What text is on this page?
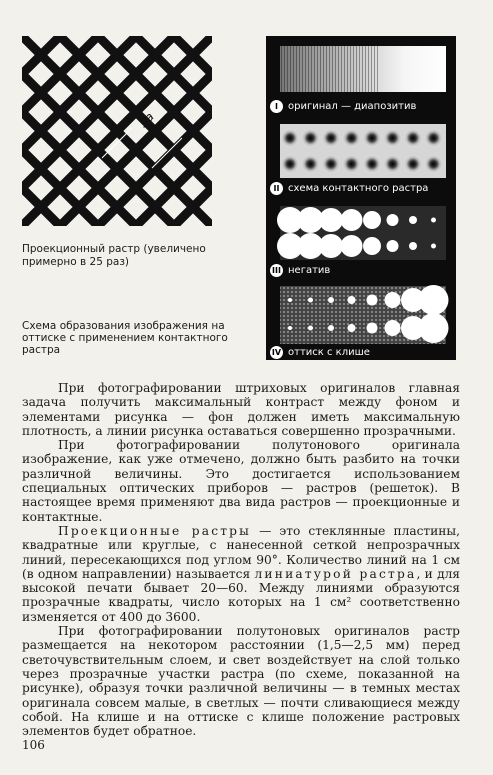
a
3a
Проекционный растр (увеличено примерно в 25 раз)
Схема образования изображения на оттиске с применением контактного растра
I	оригинал — диапозитив
II схема контактного растра
III негатив
IV оттиск с клише

При фотографировании штриховых оригиналов главная задача получить максимальный контраст между фоном и элементами рисунка — фон должен иметь максимальную плотность, а линии рисунка оставаться совершенно прозрачными.

При фотографировании полутонового оригинала изображение, как уже отмечено, должно быть разбито на точки различной величины. Это достигается использованием специальных оптических приборов — растров (решеток). В настоящее время применяют два вида растров — проекционные и контактные.

Проекционные растры — это стеклянные пластины, квадратные или круглые, с нанесенной сеткой непрозрачных линий, пересекающихся под углом 90°. Количество линий на 1 см (в одном направлении) называется линиатурой растра, и для высокой печати бывает 20—60. Между линиями образуются прозрачные квадраты, число которых на 1 см² соответственно изменяется от 400 до 3600.

При фотографировании полутоновых оригиналов растр размещается на некотором расстоянии (1,5—2,5 мм) перед светочувствительным слоем, и свет воздействует на слой только через прозрачные участки растра (по схеме, показанной на рисунке), образуя точки различной величины — в темных местах оригинала совсем малые, в светлых — почти сливающиеся между собой. На клише и на оттиске с клише положение растровых элементов будет обратное.

106
